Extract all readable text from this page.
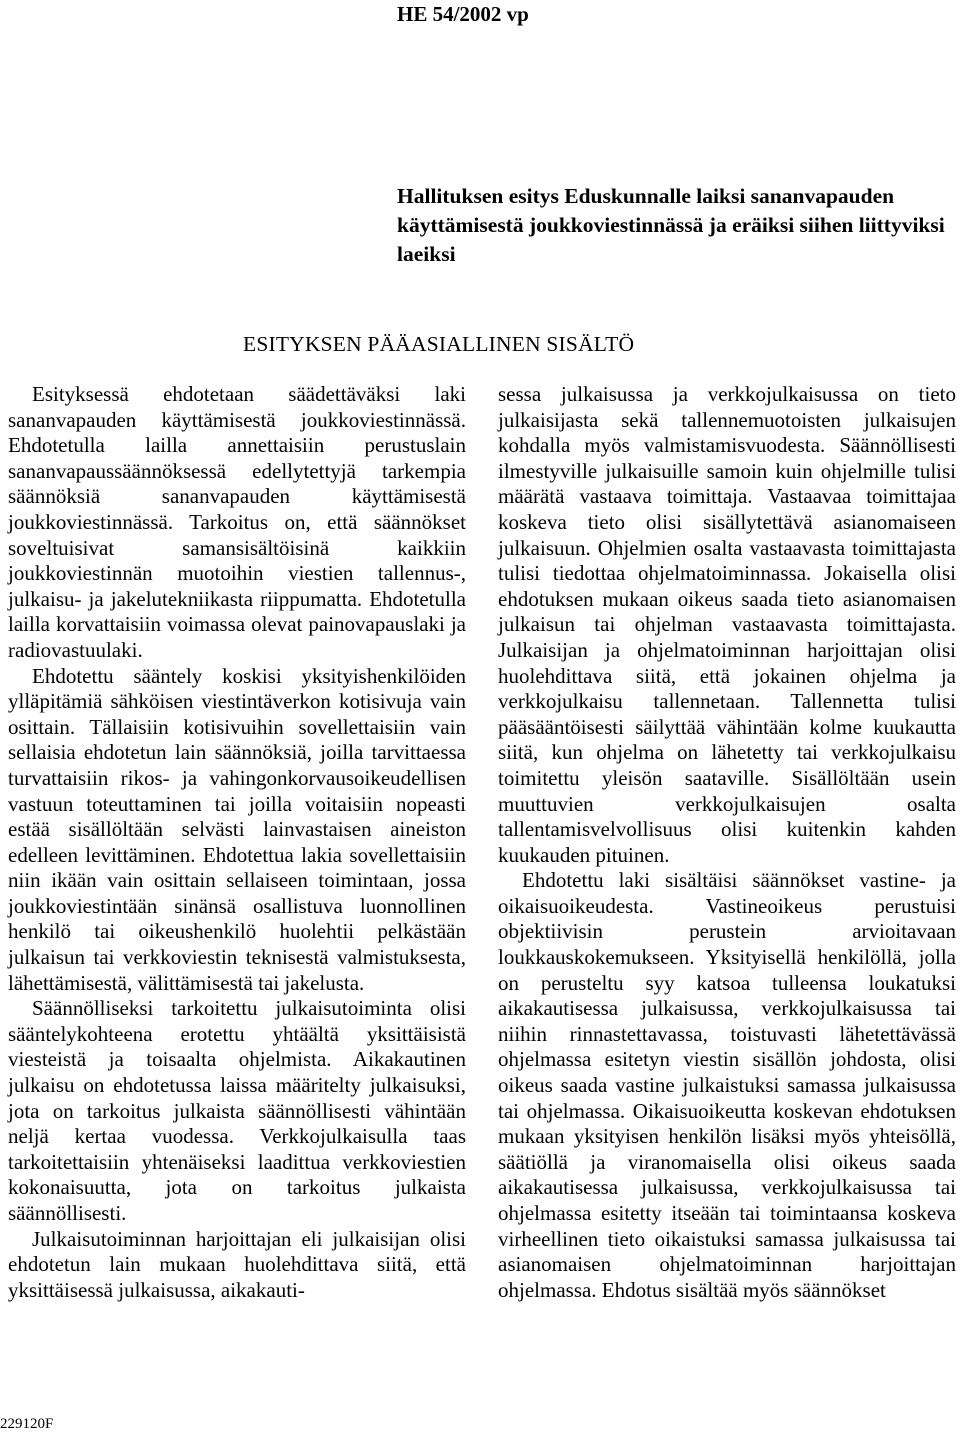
HE 54/2002 vp
Hallituksen esitys Eduskunnalle laiksi sananvapauden käyttämisestä joukkoviestinnässä ja eräiksi siihen liittyviksi laeiksi
ESITYKSEN PÄÄASIALLINEN SISÄLTÖ

Esityksessä ehdotetaan säädettäväksi laki sananvapauden käyttämisestä joukkoviestinnässä. Ehdotetulla lailla annettaisiin perustuslain sananvapaussäännöksessä edellytettyjä tarkempia säännöksiä sananvapauden käyttämisestä joukkoviestinnässä. Tarkoitus on, että säännökset soveltuisivat samansisältöisinä kaikkiin joukkoviestinnän muotoihin viestien tallennus-, julkaisu- ja jakelutekniikasta riippumatta. Ehdotetulla lailla korvattaisiin voimassa olevat painovapauslaki ja radiovastuulaki.

Ehdotettu sääntely koskisi yksityishenkilöiden ylläpitämiä sähköisen viestintäverkon kotisivuja vain osittain. Tällaisiin kotisivuihin sovellettaisiin vain sellaisia ehdotetun lain säännöksiä, joilla tarvittaessa turvattaisiin rikos- ja vahingonkorvausoikeudellisen vastuun toteuttaminen tai joilla voitaisiin nopeasti estää sisällöltään selvästi lainvastaisen aineiston edelleen levittäminen. Ehdotettua lakia sovellettaisiin niin ikään vain osittain sellaiseen toimintaan, jossa joukkoviestintään sinänsä osallistuva luonnollinen henkilö tai oikeushenkilö huolehtii pelkästään julkaisun tai verkkoviestin teknisestä valmistuksesta, lähettämisestä, välittämisestä tai jakelusta.

Säännölliseksi tarkoitettu julkaisutoiminta olisi sääntelykohteena erotettu yhtäältä yksittäisistä viesteistä ja toisaalta ohjelmista. Aikakautinen julkaisu on ehdotetussa laissa määritelty julkaisuksi, jota on tarkoitus julkaista säännöllisesti vähintään neljä kertaa vuodessa. Verkkojulkaisulla taas tarkoitettaisiin yhtenäiseksi laadittua verkkoviestien kokonaisuutta, jota on tarkoitus julkaista säännöllisesti.

Julkaisutoiminnan harjoittajan eli julkaisijan olisi ehdotetun lain mukaan huolehdittava siitä, että yksittäisessä julkaisussa, aikakauti-

sessa julkaisussa ja verkkojulkaisussa on tieto julkaisijasta sekä tallennemuotoisten julkaisujen kohdalla myös valmistamisvuodesta. Säännöllisesti ilmestyville julkaisuille samoin kuin ohjelmille tulisi määrätä vastaava toimittaja. Vastaavaa toimittajaa koskeva tieto olisi sisällytettävä asianomaiseen julkaisuun. Ohjelmien osalta vastaavasta toimittajasta tulisi tiedottaa ohjelmatoiminnassa. Jokaisella olisi ehdotuksen mukaan oikeus saada tieto asianomaisen julkaisun tai ohjelman vastaavasta toimittajasta. Julkaisijan ja ohjelmatoiminnan harjoittajan olisi huolehdittava siitä, että jokainen ohjelma ja verkkojulkaisu tallennetaan. Tallennetta tulisi pääsääntöisesti säilyttää vähintään kolme kuukautta siitä, kun ohjelma on lähetetty tai verkkojulkaisu toimitettu yleisön saataville. Sisällöltään usein muuttuvien verkkojulkaisujen osalta tallentamisvelvollisuus olisi kuitenkin kahden kuukauden pituinen.

Ehdotettu laki sisältäisi säännökset vastine- ja oikaisuoikeudesta. Vastineoikeus perustuisi objektiivisin perustein arvioitavaan loukkauskokemukseen. Yksityisellä henkilöllä, jolla on perusteltu syy katsoa tulleensa loukatuksi aikakautisessa julkaisussa, verkkojulkaisussa tai niihin rinnastettavassa, toistuvasti lähetettävässä ohjelmassa esitetyn viestin sisällön johdosta, olisi oikeus saada vastine julkaistuksi samassa julkaisussa tai ohjelmassa. Oikaisuoikeutta koskevan ehdotuksen mukaan yksityisen henkilön lisäksi myös yhteisöllä, säätiöllä ja viranomaisella olisi oikeus saada aikakautisessa julkaisussa, verkkojulkaisussa tai ohjelmassa esitetty itseään tai toimintaansa koskeva virheellinen tieto oikaistuksi samassa julkaisussa tai asianomaisen ohjelmatoiminnan harjoittajan ohjelmassa. Ehdotus sisältää myös säännökset

229120F
